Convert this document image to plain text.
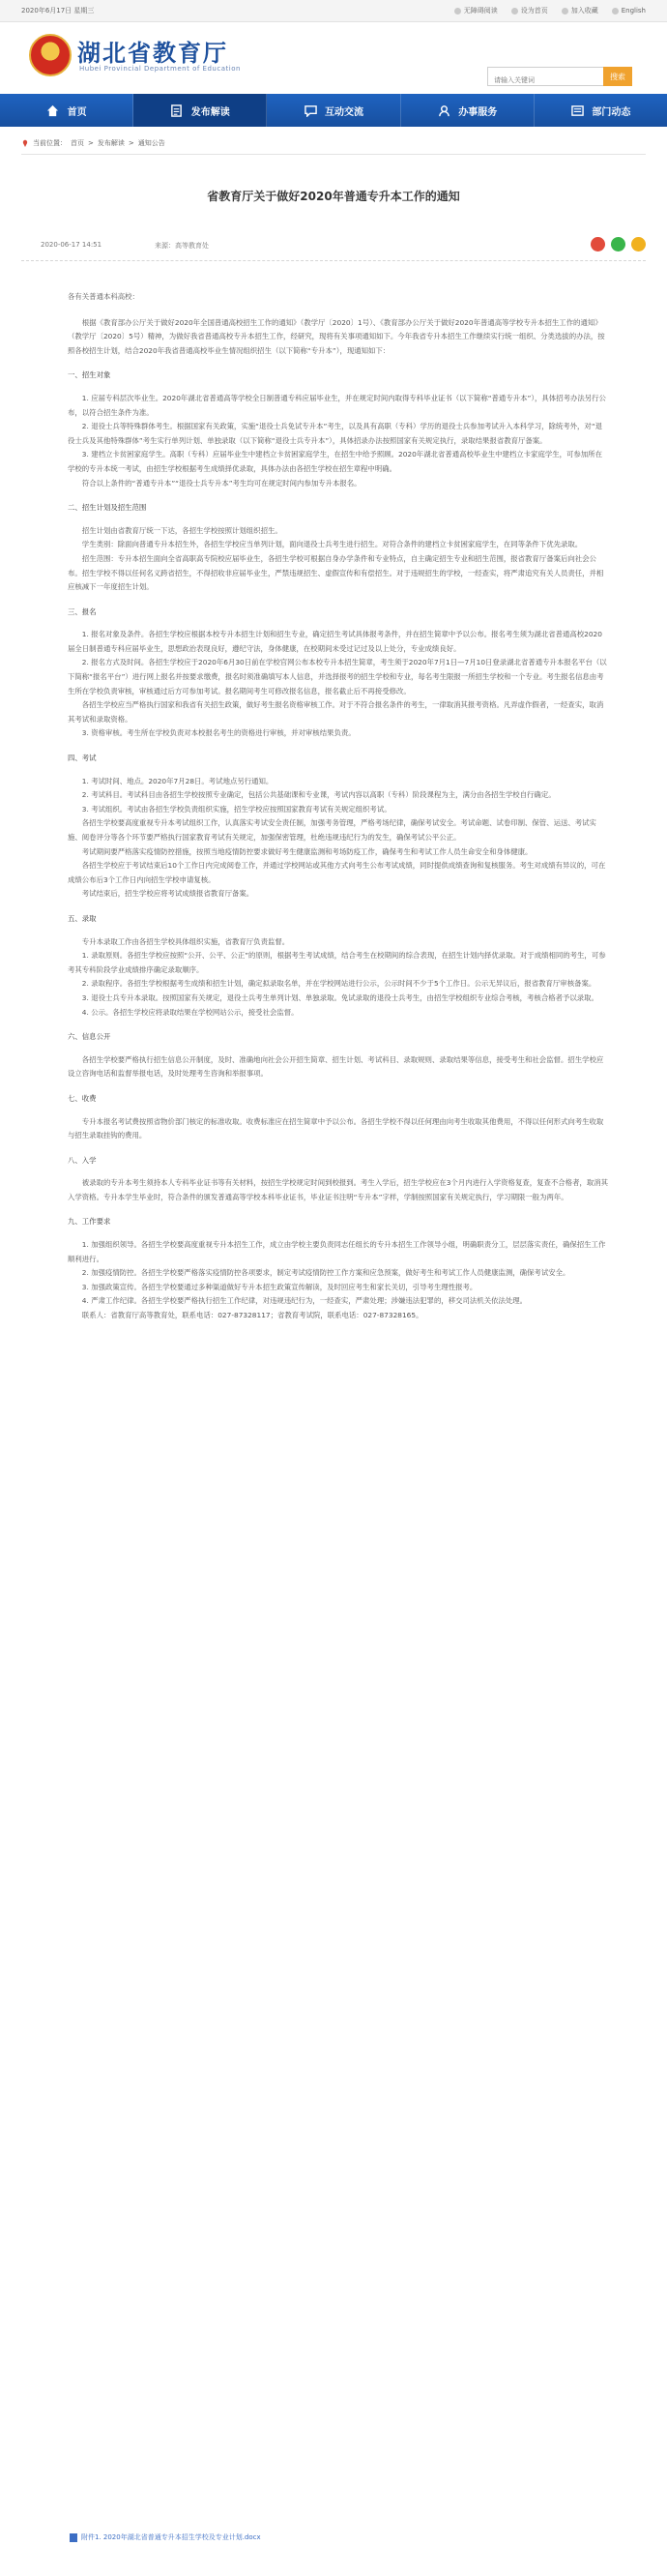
2020年6月17日 星期三	无障碍阅读	设为首页	加入收藏	English
湖北省教育厅
Hubei Provincial Department of Education
请输入关键词
搜索
首页	发布解读	互动交流	办事服务	部门动态
当前位置： 首页 > 发布解读 > 通知公告
省教育厅关于做好2020年普通专升本工作的通知
2020-06-17 14:51	来源：高等教育处

各有关普通本科高校：

根据《教育部办公厅关于做好2020年全国普通高校招生工作的通知》（教学厅〔2020〕1号）、《教育部办公厅关于做好2020年普通高等学校专升本招生工作的通知》（教学厅〔2020〕5号）精神，为做好我省普通高校专升本招生工作，经研究，现将有关事项通知如下。今年我省专升本招生工作继续实行统一组织、分类选拔的办法，按照各校招生计划，结合2020年我省普通高校毕业生情况组织招生（以下简称“专升本”），现通知如下：

一、招生对象

1. 应届专科层次毕业生。2020年湖北省普通高等学校全日制普通专科应届毕业生，并在规定时间内取得专科毕业证书（以下简称“普通专升本”），具体招考办法另行公布，以符合招生条件为准。

2. 退役士兵等特殊群体考生。根据国家有关政策，实施“退役士兵免试专升本”考生，以及具有高职（专科）学历的退役士兵参加考试升入本科学习，除统考外，对“退役士兵及其他特殊群体”考生实行单列计划、单独录取（以下简称“退役士兵专升本”），具体招录办法按照国家有关规定执行，录取结果报省教育厅备案。

3. 建档立卡贫困家庭学生。高职（专科）应届毕业生中建档立卡贫困家庭学生，在招生中给予照顾。2020年湖北省普通高校毕业生中建档立卡家庭学生，可参加所在学校的专升本统一考试，由招生学校根据考生成绩择优录取，具体办法由各招生学校在招生章程中明确。

符合以上条件的“普通专升本”“退役士兵专升本”考生均可在规定时间内参加专升本报名。

二、招生计划及招生范围

招生计划由省教育厅统一下达，各招生学校按照计划组织招生。

学生类别：除面向普通专升本招生外，各招生学校应当单列计划，面向退役士兵考生进行招生。对符合条件的建档立卡贫困家庭学生，在同等条件下优先录取。

招生范围：专升本招生面向全省高职高专院校应届毕业生，各招生学校可根据自身办学条件和专业特点，自主确定招生专业和招生范围，报省教育厅备案后向社会公布。招生学校不得以任何名义跨省招生，不得招收非应届毕业生，严禁违规招生、虚假宣传和有偿招生。对于违规招生的学校，一经查实，将严肃追究有关人员责任，并相应核减下一年度招生计划。

三、报名

1. 报名对象及条件。各招生学校应根据本校专升本招生计划和招生专业，确定招生考试具体报考条件，并在招生简章中予以公布。报名考生须为湖北省普通高校2020届全日制普通专科应届毕业生，思想政治表现良好，遵纪守法，身体健康，在校期间未受过记过及以上处分，专业成绩良好。

2. 报名方式及时间。各招生学校应于2020年6月30日前在学校官网公布本校专升本招生简章，考生须于2020年7月1日—7月10日登录湖北省普通专升本报名平台（以下简称“报名平台”）进行网上报名并按要求缴费，报名时须准确填写本人信息，并选择报考的招生学校和专业，每名考生限报一所招生学校和一个专业。考生报名信息由考生所在学校负责审核，审核通过后方可参加考试。报名期间考生可修改报名信息，报名截止后不再接受修改。

各招生学校应当严格执行国家和我省有关招生政策，做好考生报名资格审核工作。对于不符合报名条件的考生，一律取消其报考资格。凡弄虚作假者，一经查实，取消其考试和录取资格。

3. 资格审核。考生所在学校负责对本校报名考生的资格进行审核，并对审核结果负责。

四、考试

1. 考试时间、地点。2020年7月28日。考试地点另行通知。

2. 考试科目。考试科目由各招生学校按照专业确定，包括公共基础课和专业课，考试内容以高职（专科）阶段课程为主，满分由各招生学校自行确定。

3. 考试组织。考试由各招生学校负责组织实施，招生学校应按照国家教育考试有关规定组织考试。

各招生学校要高度重视专升本考试组织工作，认真落实考试安全责任制，加强考务管理，严格考场纪律，确保考试安全。考试命题、试卷印制、保管、运送、考试实施、阅卷评分等各个环节要严格执行国家教育考试有关规定，加强保密管理，杜绝违规违纪行为的发生，确保考试公平公正。

考试期间要严格落实疫情防控措施，按照当地疫情防控要求做好考生健康监测和考场防疫工作，确保考生和考试工作人员生命安全和身体健康。

各招生学校应于考试结束后10个工作日内完成阅卷工作，并通过学校网站或其他方式向考生公布考试成绩，同时提供成绩查询和复核服务。考生对成绩有异议的，可在成绩公布后3个工作日内向招生学校申请复核。

考试结束后，招生学校应将考试成绩报省教育厅备案。

五、录取

专升本录取工作由各招生学校具体组织实施，省教育厅负责监督。

1. 录取原则。各招生学校应按照“公开、公平、公正”的原则，根据考生考试成绩，结合考生在校期间的综合表现，在招生计划内择优录取。对于成绩相同的考生，可参考其专科阶段学业成绩排序确定录取顺序。

2. 录取程序。各招生学校根据考生成绩和招生计划，确定拟录取名单，并在学校网站进行公示，公示时间不少于5个工作日。公示无异议后，报省教育厅审核备案。

3. 退役士兵专升本录取。按照国家有关规定，退役士兵考生单列计划、单独录取。免试录取的退役士兵考生，由招生学校组织专业综合考核，考核合格者予以录取。

4. 公示。各招生学校应将录取结果在学校网站公示，接受社会监督。

六、信息公开

各招生学校要严格执行招生信息公开制度，及时、准确地向社会公开招生简章、招生计划、考试科目、录取规则、录取结果等信息，接受考生和社会监督。招生学校应设立咨询电话和监督举报电话，及时处理考生咨询和举报事项。

七、收费

专升本报名考试费按照省物价部门核定的标准收取。收费标准应在招生简章中予以公布。各招生学校不得以任何理由向考生收取其他费用，不得以任何形式向考生收取与招生录取挂钩的费用。

八、入学

被录取的专升本考生须持本人专科毕业证书等有关材料，按招生学校规定时间到校报到。考生入学后，招生学校应在3个月内进行入学资格复查，复查不合格者，取消其入学资格。专升本学生毕业时，符合条件的颁发普通高等学校本科毕业证书，毕业证书注明“专升本”字样，学制按照国家有关规定执行，学习期限一般为两年。

九、工作要求

1. 加强组织领导。各招生学校要高度重视专升本招生工作，成立由学校主要负责同志任组长的专升本招生工作领导小组，明确职责分工，层层落实责任，确保招生工作顺利进行。

2. 加强疫情防控。各招生学校要严格落实疫情防控各项要求，制定考试疫情防控工作方案和应急预案，做好考生和考试工作人员健康监测，确保考试安全。

3. 加强政策宣传。各招生学校要通过多种渠道做好专升本招生政策宣传解读，及时回应考生和家长关切，引导考生理性报考。

4. 严肃工作纪律。各招生学校要严格执行招生工作纪律，对违规违纪行为，一经查实，严肃处理；涉嫌违法犯罪的，移交司法机关依法处理。

联系人：省教育厅高等教育处，联系电话：027-87328117；省教育考试院，联系电话：027-87328165。

附件1. 2020年湖北省普通专升本招生学校及专业计划.docx
